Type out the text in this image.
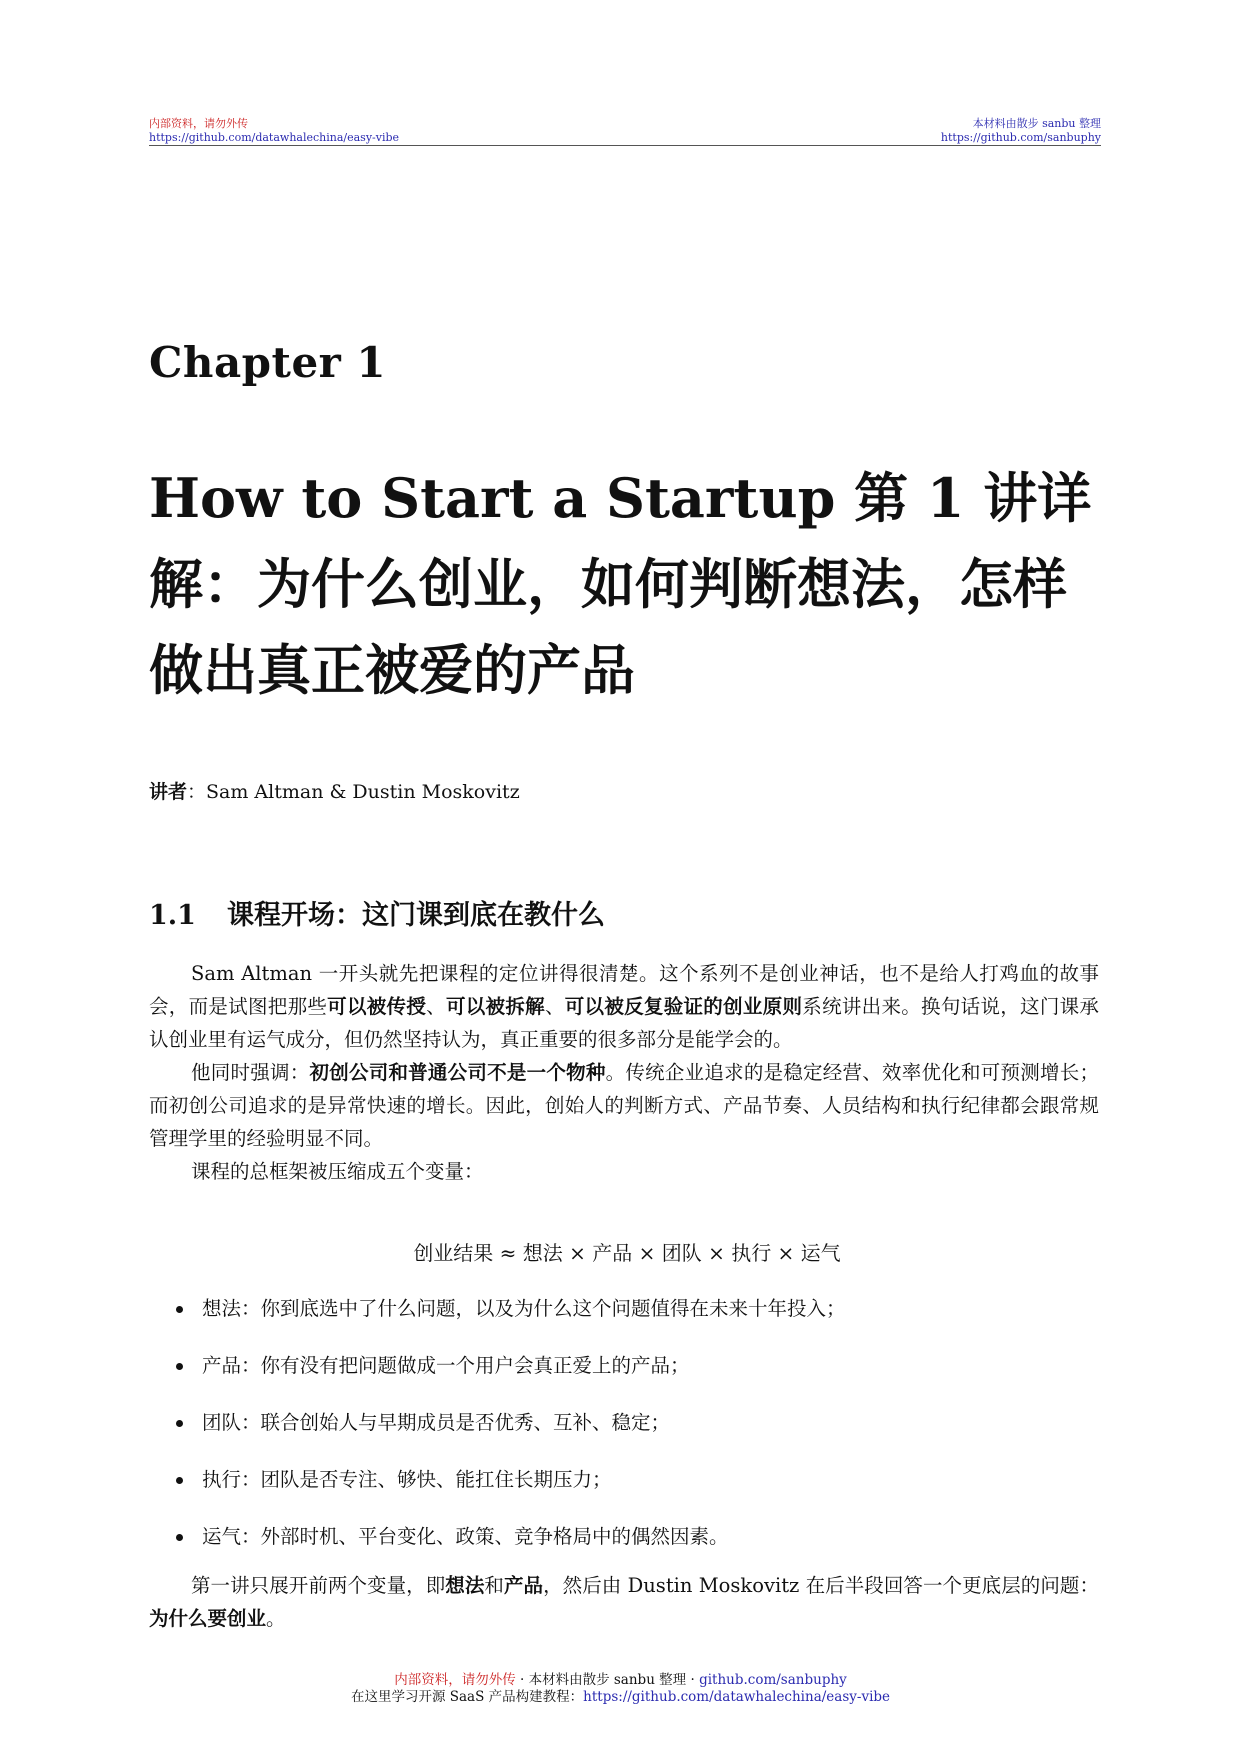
内部资料，请勿外传
https://github.com/datawhalechina/easy-vibe
本材料由散步 sanbu 整理
https://github.com/sanbuphy
Chapter 1
How to Start a Startup 第 1 讲详解：为什么创业，如何判断想法，怎样做出真正被爱的产品
讲者：Sam Altman & Dustin Moskovitz
1.1 课程开场：这门课到底在教什么
Sam Altman 一开头就先把课程的定位讲得很清楚。这个系列不是创业神话，也不是给人打鸡血的故事会，而是试图把那些可以被传授、可以被拆解、可以被反复验证的创业原则系统讲出来。换句话说，这门课承认创业里有运气成分，但仍然坚持认为，真正重要的很多部分是能学会的。
他同时强调：初创公司和普通公司不是一个物种。传统企业追求的是稳定经营、效率优化和可预测增长；而初创公司追求的是异常快速的增长。因此，创始人的判断方式、产品节奏、人员结构和执行纪律都会跟常规管理学里的经验明显不同。
课程的总框架被压缩成五个变量：
创业结果 ≈ 想法 × 产品 × 团队 × 执行 × 运气
想法：你到底选中了什么问题，以及为什么这个问题值得在未来十年投入；
产品：你有没有把问题做成一个用户会真正爱上的产品；
团队：联合创始人与早期成员是否优秀、互补、稳定；
执行：团队是否专注、够快、能扛住长期压力；
运气：外部时机、平台变化、政策、竞争格局中的偶然因素。
第一讲只展开前两个变量，即想法和产品，然后由 Dustin Moskovitz 在后半段回答一个更底层的问题：为什么要创业。
内部资料，请勿外传 · 本材料由散步 sanbu 整理 · github.com/sanbuphy
在这里学习开源 SaaS 产品构建教程：https://github.com/datawhalechina/easy-vibe
